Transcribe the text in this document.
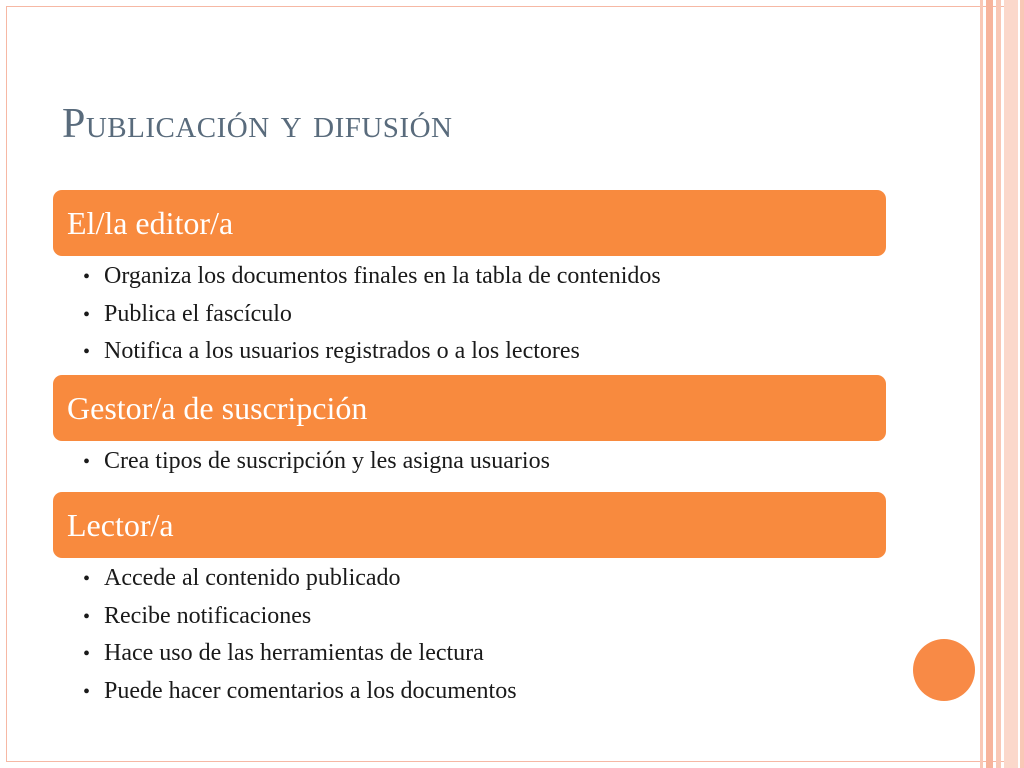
Publicación y difusión
El/la editor/a
• Organiza los documentos finales en la tabla de contenidos
• Publica el fascículo
• Notifica a los usuarios registrados o a los lectores
Gestor/a de suscripción
• Crea tipos de suscripción y les asigna usuarios
Lector/a
• Accede al contenido publicado
• Recibe notificaciones
• Hace uso de las herramientas de lectura
• Puede hacer comentarios a los documentos
